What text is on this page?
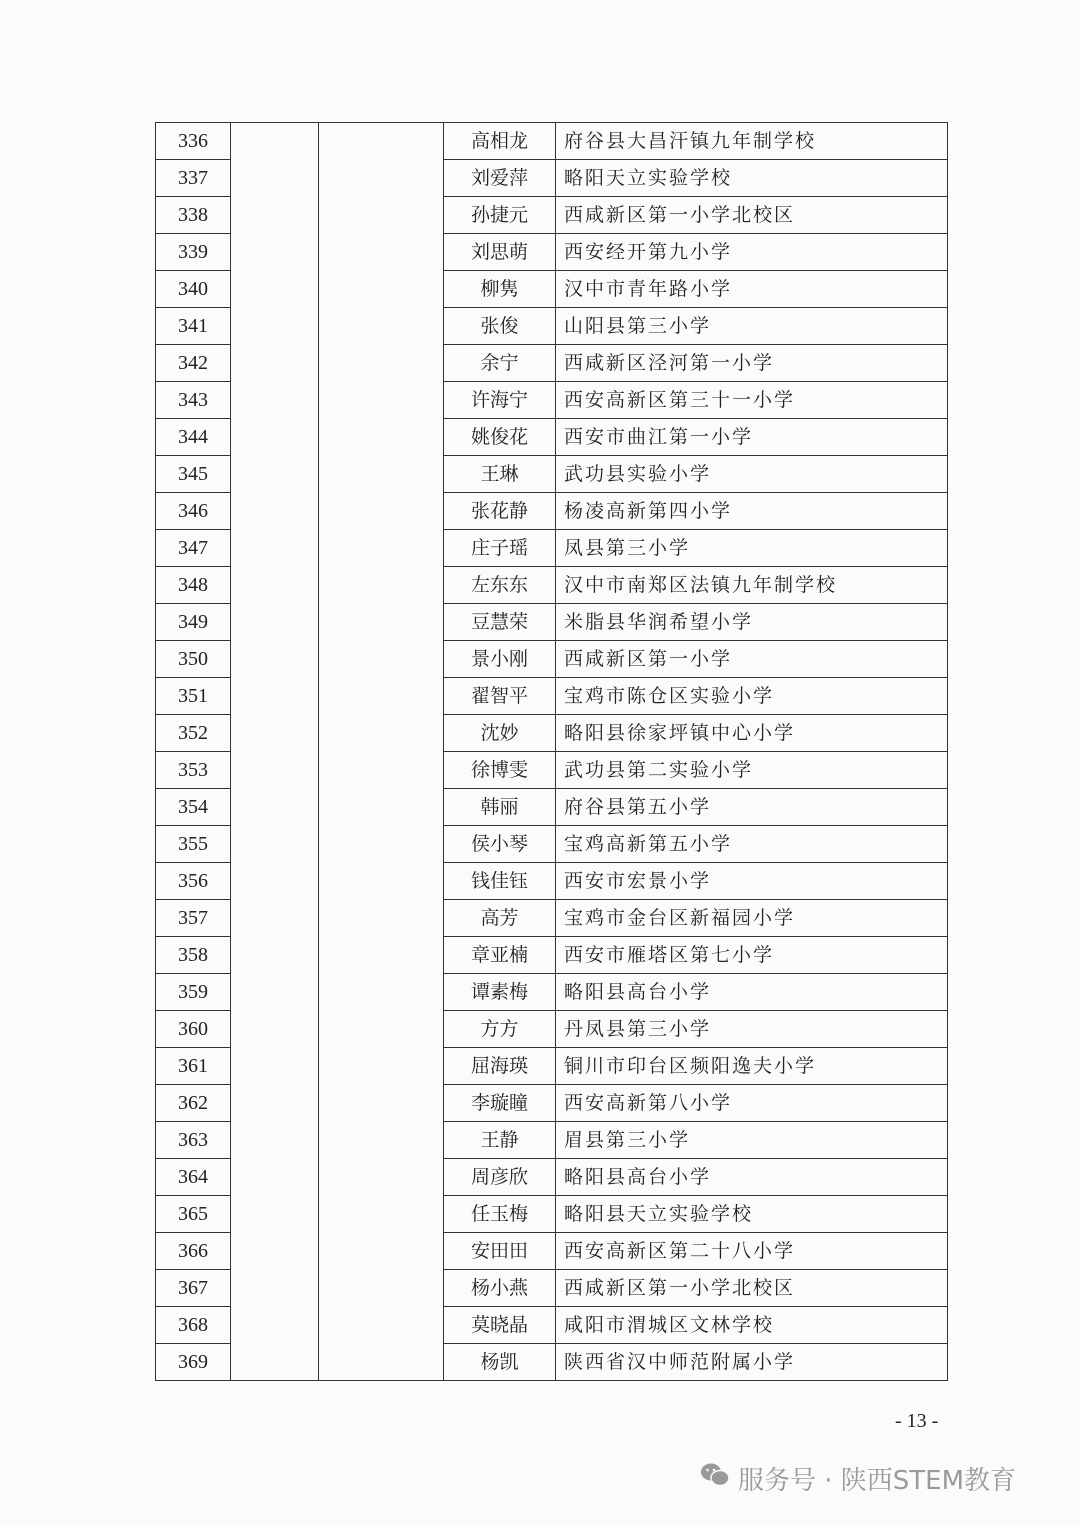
336			高相龙	府谷县大昌汗镇九年制学校
337			刘爱萍	略阳天立实验学校
338			孙捷元	西咸新区第一小学北校区
339			刘思萌	西安经开第九小学
340			柳隽	汉中市青年路小学
341			张俊	山阳县第三小学
342			余宁	西咸新区泾河第一小学
343			许海宁	西安高新区第三十一小学
344			姚俊花	西安市曲江第一小学
345			王琳	武功县实验小学
346			张花静	杨凌高新第四小学
347			庄子瑶	凤县第三小学
348			左东东	汉中市南郑区法镇九年制学校
349			豆慧荣	米脂县华润希望小学
350			景小刚	西咸新区第一小学
351			翟智平	宝鸡市陈仓区实验小学
352			沈妙	略阳县徐家坪镇中心小学
353			徐博雯	武功县第二实验小学
354			韩丽	府谷县第五小学
355			侯小琴	宝鸡高新第五小学
356			钱佳钰	西安市宏景小学
357			高芳	宝鸡市金台区新福园小学
358			章亚楠	西安市雁塔区第七小学
359			谭素梅	略阳县高台小学
360			方方	丹凤县第三小学
361			屈海瑛	铜川市印台区频阳逸夫小学
362			李璇瞳	西安高新第八小学
363			王静	眉县第三小学
364			周彦欣	略阳县高台小学
365			任玉梅	略阳县天立实验学校
366			安田田	西安高新区第二十八小学
367			杨小燕	西咸新区第一小学北校区
368			莫晓晶	咸阳市渭城区文林学校
369			杨凯	陕西省汉中师范附属小学
- 13 -
服务号 · 陕西STEM教育
